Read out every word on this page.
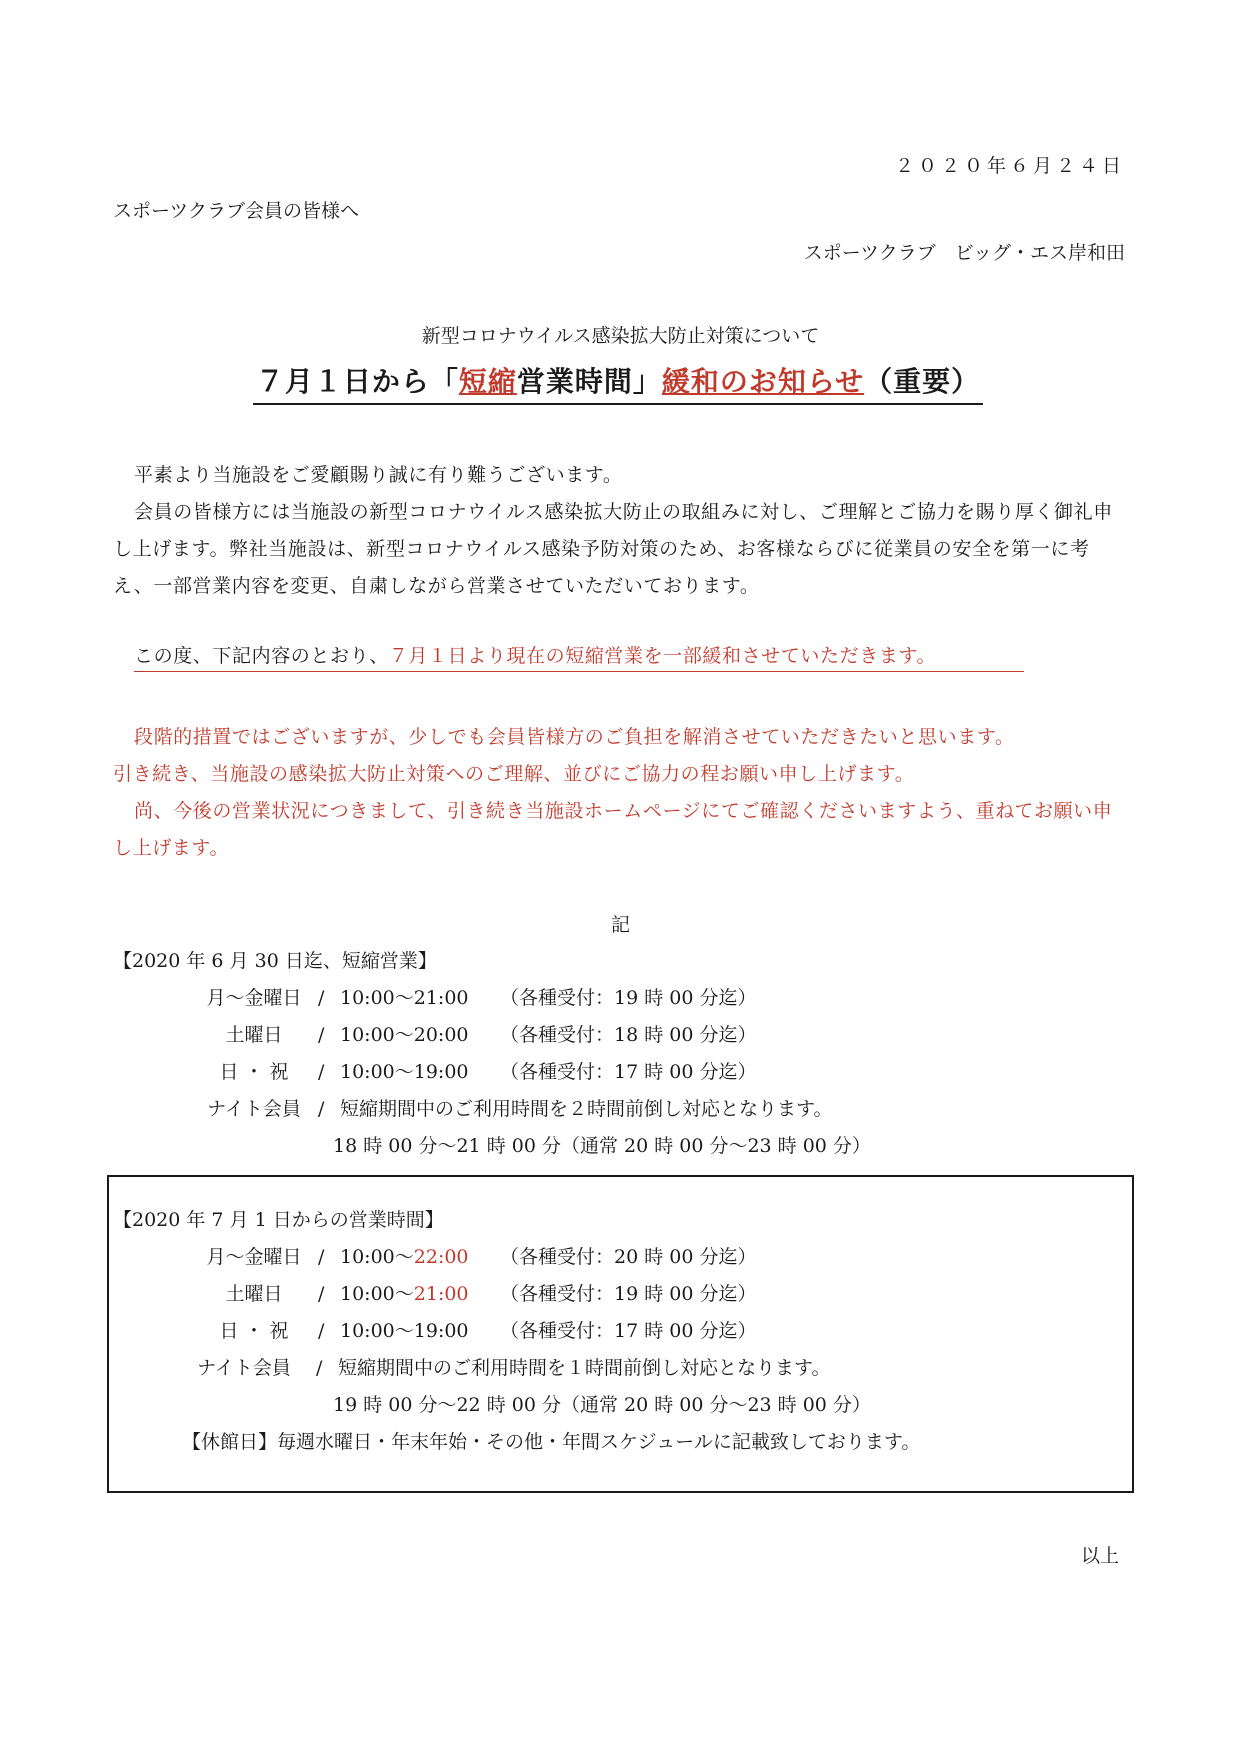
２０２０年６月２４日
スポーツクラブ会員の皆様へ
スポーツクラブ　ビッグ・エス岸和田
新型コロナウイルス感染拡大防止対策について
７月１日から「短縮営業時間」緩和のお知らせ（重要）
平素より当施設をご愛顧賜り誠に有り難うございます。
会員の皆様方には当施設の新型コロナウイルス感染拡大防止の取組みに対し、ご理解とご協力を賜り厚く御礼申し上げます。弊社当施設は、新型コロナウイルス感染予防対策のため、お客様ならびに従業員の安全を第一に考え、一部営業内容を変更、自粛しながら営業させていただいております。
この度、下記内容のとおり、７月１日より現在の短縮営業を一部緩和させていただきます。
段階的措置ではございますが、少しでも会員皆様方のご負担を解消させていただきたいと思います。
引き続き、当施設の感染拡大防止対策へのご理解、並びにご協力の程お願い申し上げます。
尚、今後の営業状況につきまして、引き続き当施設ホームページにてご確認くださいますよう、重ねてお願い申し上げます。
記
【2020 年 6 月 30 日迄、短縮営業】
月～金曜日 / 10:00～21:00 （各種受付：19 時 00 分迄）
土曜日 / 10:00～20:00 （各種受付：18 時 00 分迄）
日 ・ 祝 / 10:00～19:00 （各種受付：17 時 00 分迄）
ナイト会員 / 短縮期間中のご利用時間を２時間前倒し対応となります。
18 時 00 分～21 時 00 分（通常 20 時 00 分～23 時 00 分）
【2020 年 7 月 1 日からの営業時間】
月～金曜日 / 10:00～22:00 （各種受付：20 時 00 分迄）
土曜日 / 10:00～21:00 （各種受付：19 時 00 分迄）
日 ・ 祝 / 10:00～19:00 （各種受付：17 時 00 分迄）
ナイト会員 / 短縮期間中のご利用時間を１時間前倒し対応となります。
19 時 00 分～22 時 00 分（通常 20 時 00 分～23 時 00 分）
【休館日】毎週水曜日・年末年始・その他・年間スケジュールに記載致しております。
以上
